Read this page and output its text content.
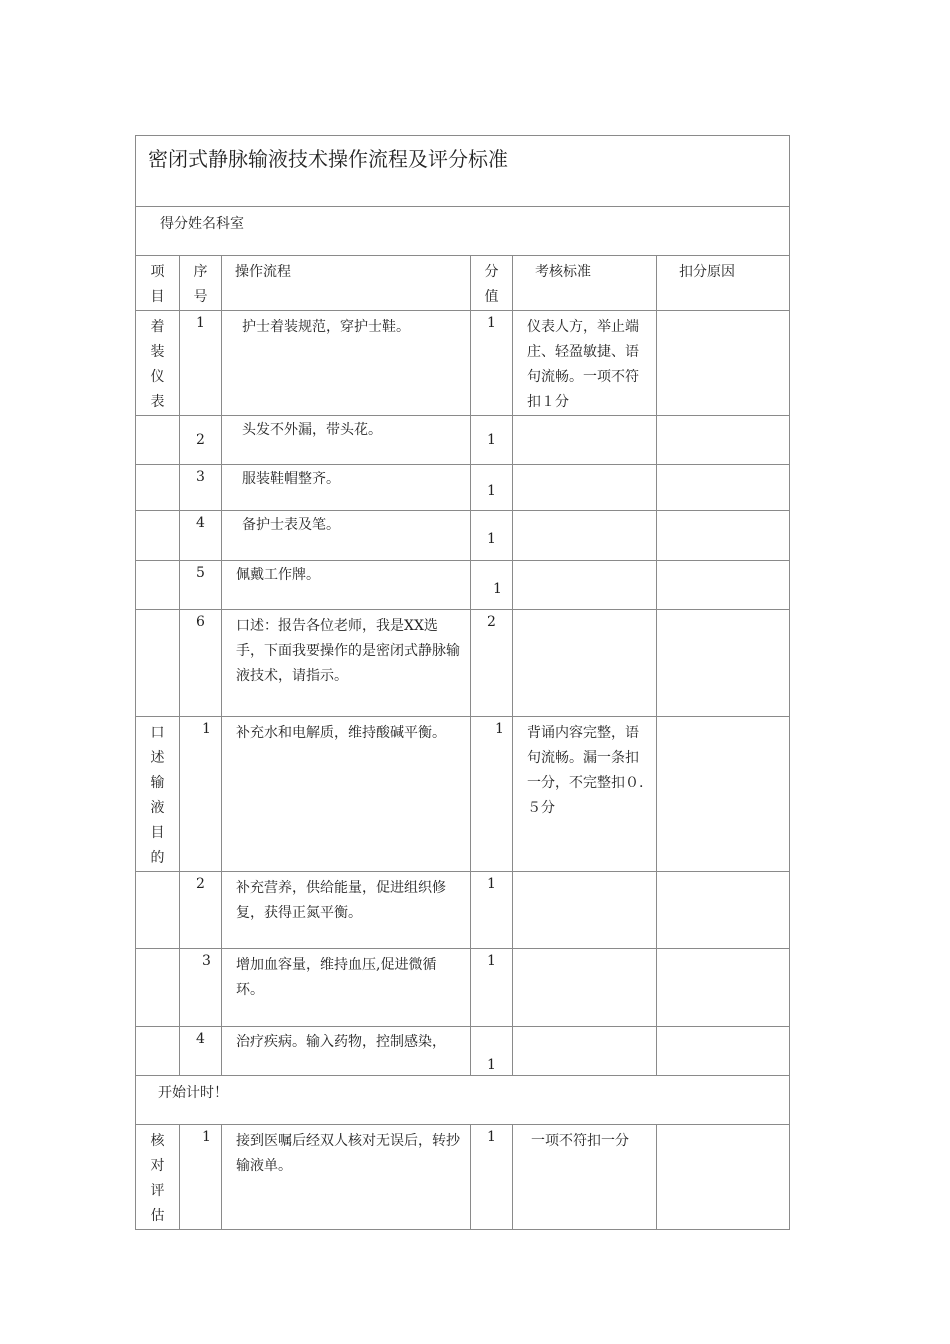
密闭式静脉输液技术操作流程及评分标准					

得分姓名科室					

项目	序号	操作流程	分值	考核标准	扣分原因

着装仪表	1	护士着装规范，穿护士鞋。	1	仪表人方，举止端庄、轻盈敏捷、语句流畅。一项不符扣１分	

	2	头发不外漏，带头花。	1		

	3	服装鞋帽整齐。	1		

	4	备护士表及笔。	1		

	5	佩戴工作牌。	1		

	6	口述：报告各位老师，我是XX选手，下面我要操作的是密闭式静脉输液技术，请指示。	2		

口述输液目的	1	补充水和电解质，维持酸碱平衡。	1	背诵内容完整，语句流畅。漏一条扣一分，不完整扣０.５分	

	2	补充营养，供给能量，促进组织修复，获得正氮平衡。	1		

	3	增加血容量，维持血压,促进微循环。	1		

	4	治疗疾病。输入药物，控制感染，	1		

开始计时！					

核对评估	1	接到医嘱后经双人核对无误后，转抄输液单。	1	一项不符扣一分	
